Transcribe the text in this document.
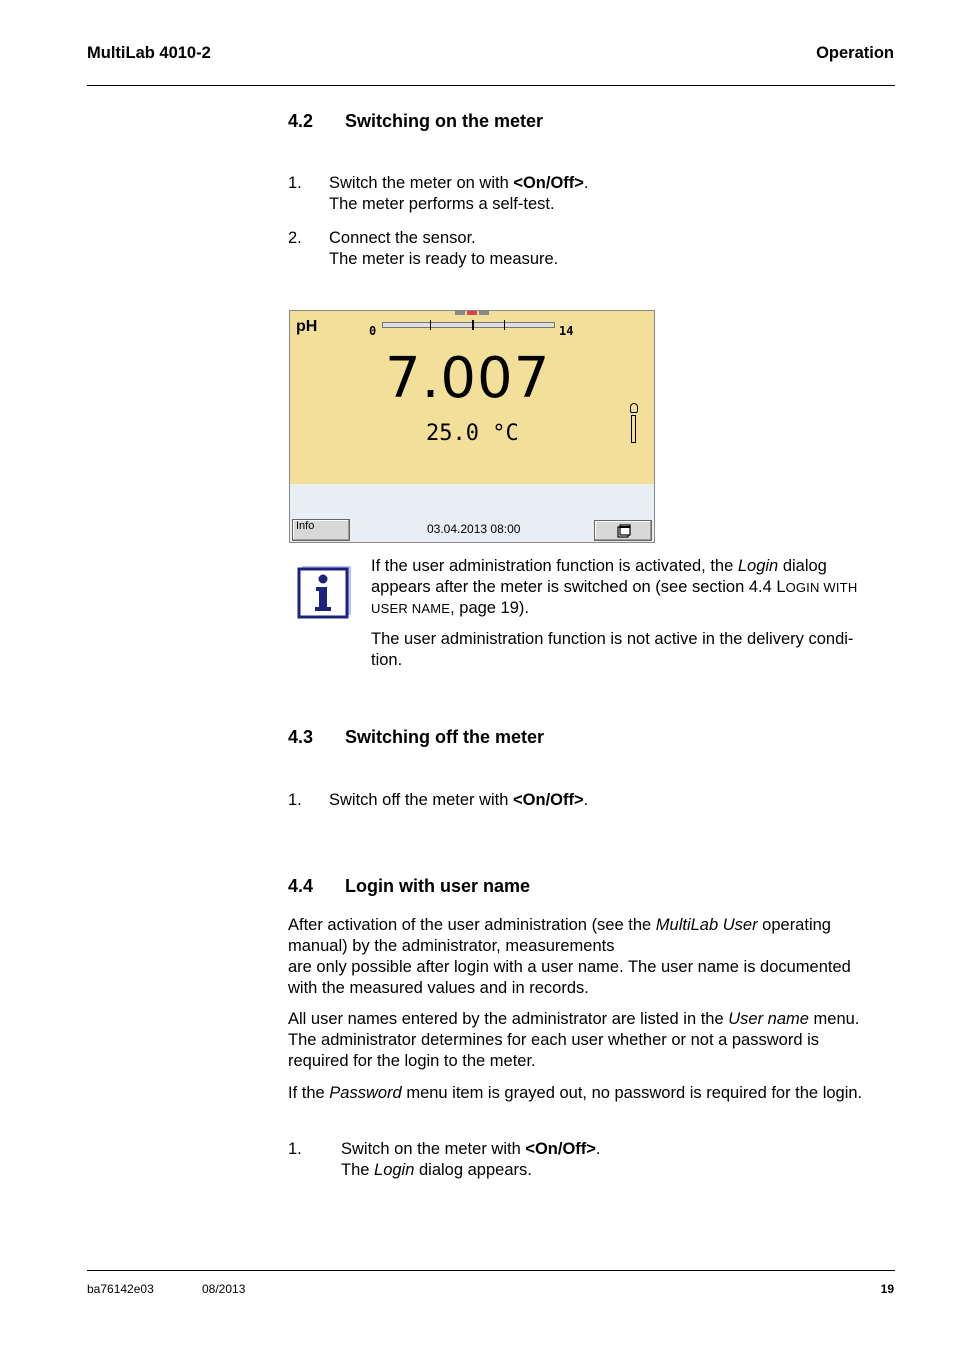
MultiLab 4010-2	Operation
4.2 Switching on the meter
1. Switch the meter on with <On/Off>.
The meter performs a self-test.
2. Connect the sensor.
The meter is ready to measure.
pH	0	14
7.007
25.0 °C
Info	03.04.2013 08:00
If the user administration function is activated, the Login dialog
appears after the meter is switched on (see section 4.4 LOGIN WITH
USER NAME, page 19).
The user administration function is not active in the delivery condi-
tion.
4.3 Switching off the meter
1. Switch off the meter with <On/Off>.
4.4 Login with user name
After activation of the user administration (see the MultiLab User operating
manual) by the administrator, measurements
are only possible after login with a user name. The user name is documented
with the measured values and in records.
All user names entered by the administrator are listed in the User name menu.
The administrator determines for each user whether or not a password is
required for the login to the meter.
If the Password menu item is grayed out, no password is required for the login.
1. Switch on the meter with <On/Off>.
The Login dialog appears.
ba76142e03	08/2013	19
